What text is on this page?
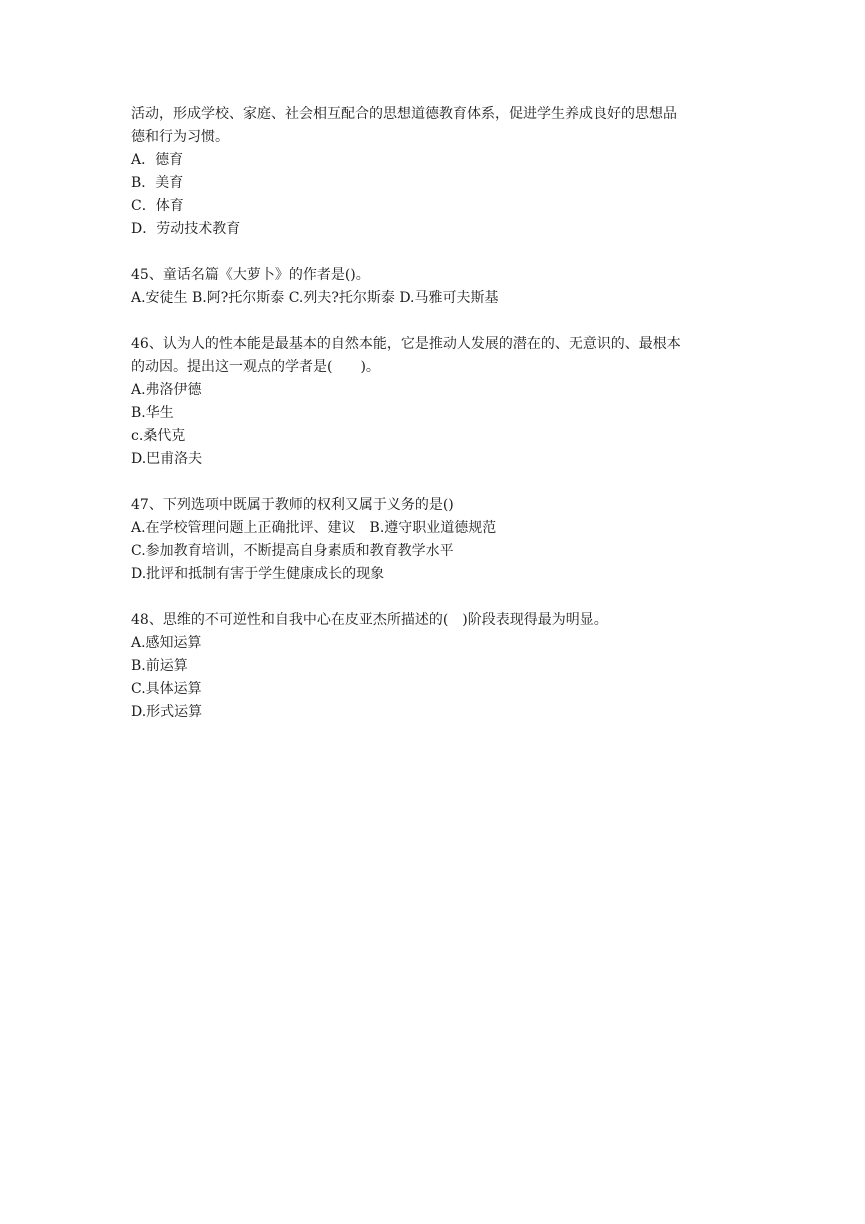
活动，形成学校、家庭、社会相互配合的思想道德教育体系，促进学生养成良好的思想品
德和行为习惯。
A．德育
B．美育
C．体育
D．劳动技术教育
45、童话名篇《大萝卜》的作者是()。
A.安徒生 B.阿?托尔斯泰 C.列夫?托尔斯泰 D.马雅可夫斯基
46、认为人的性本能是最基本的自然本能，它是推动人发展的潜在的、无意识的、最根本
的动因。提出这一观点的学者是(　　)。
A.弗洛伊德
B.华生
c.桑代克
D.巴甫洛夫
47、下列选项中既属于教师的权利又属于义务的是()
A.在学校管理问题上正确批评、建议　B.遵守职业道德规范
C.参加教育培训，不断提高自身素质和教育教学水平
D.批评和抵制有害于学生健康成长的现象
48、思维的不可逆性和自我中心在皮亚杰所描述的(　)阶段表现得最为明显。
A.感知运算
B.前运算
C.具体运算
D.形式运算
